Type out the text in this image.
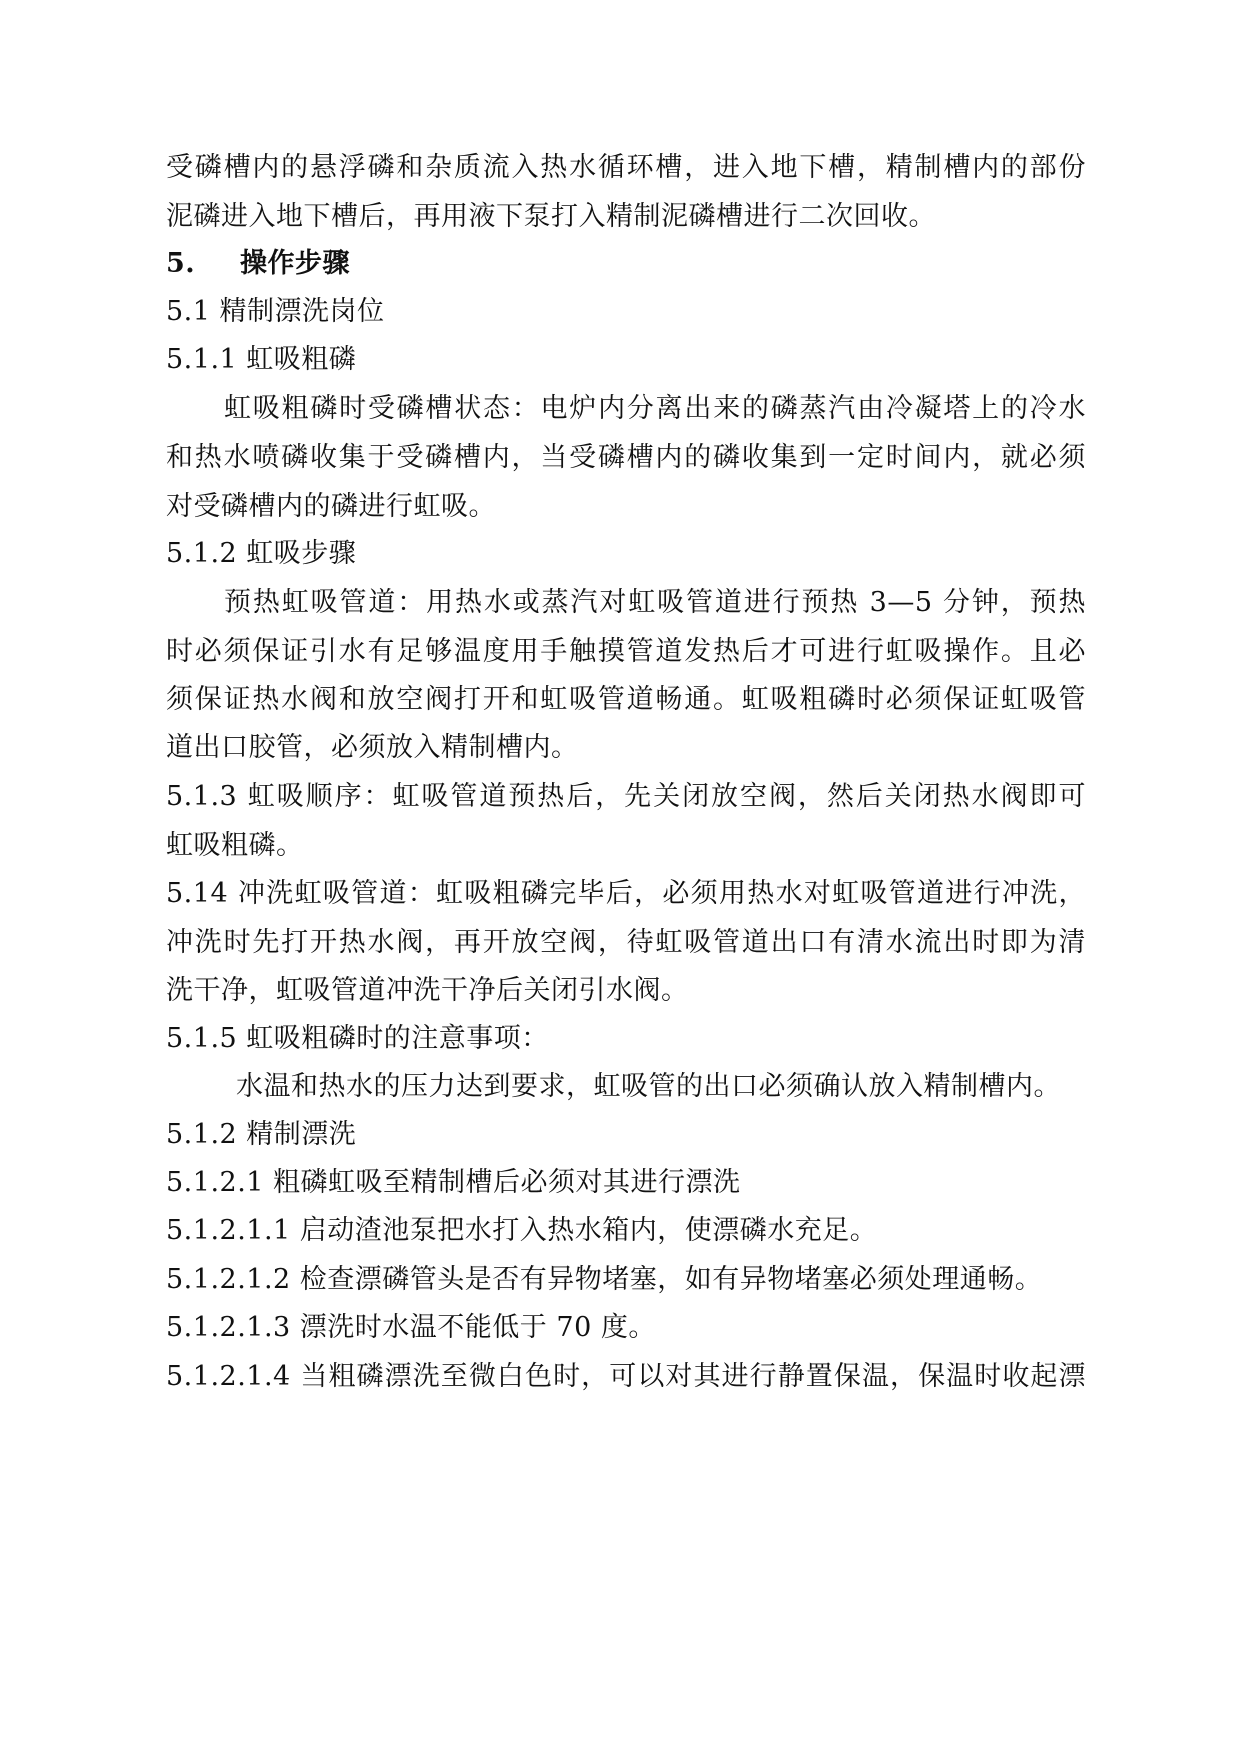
受磷槽内的悬浮磷和杂质流入热水循环槽，进入地下槽，精制槽内的部份
泥磷进入地下槽后，再用液下泵打入精制泥磷槽进行二次回收。
5. 操作步骤
5.1 精制漂洗岗位
5.1.1 虹吸粗磷
虹吸粗磷时受磷槽状态：电炉内分离出来的磷蒸汽由冷凝塔上的冷水
和热水喷磷收集于受磷槽内，当受磷槽内的磷收集到一定时间内，就必须
对受磷槽内的磷进行虹吸。
5.1.2 虹吸步骤
预热虹吸管道：用热水或蒸汽对虹吸管道进行预热 3—5 分钟，预热
时必须保证引水有足够温度用手触摸管道发热后才可进行虹吸操作。且必
须保证热水阀和放空阀打开和虹吸管道畅通。虹吸粗磷时必须保证虹吸管
道出口胶管，必须放入精制槽内。
5.1.3 虹吸顺序：虹吸管道预热后，先关闭放空阀，然后关闭热水阀即可
虹吸粗磷。
5.14 冲洗虹吸管道：虹吸粗磷完毕后，必须用热水对虹吸管道进行冲洗，
冲洗时先打开热水阀，再开放空阀，待虹吸管道出口有清水流出时即为清
洗干净，虹吸管道冲洗干净后关闭引水阀。
5.1.5 虹吸粗磷时的注意事项：
水温和热水的压力达到要求，虹吸管的出口必须确认放入精制槽内。
5.1.2 精制漂洗
5.1.2.1 粗磷虹吸至精制槽后必须对其进行漂洗
5.1.2.1.1 启动渣池泵把水打入热水箱内，使漂磷水充足。
5.1.2.1.2 检查漂磷管头是否有异物堵塞，如有异物堵塞必须处理通畅。
5.1.2.1.3 漂洗时水温不能低于 70 度。
5.1.2.1.4 当粗磷漂洗至微白色时，可以对其进行静置保温，保温时收起漂
